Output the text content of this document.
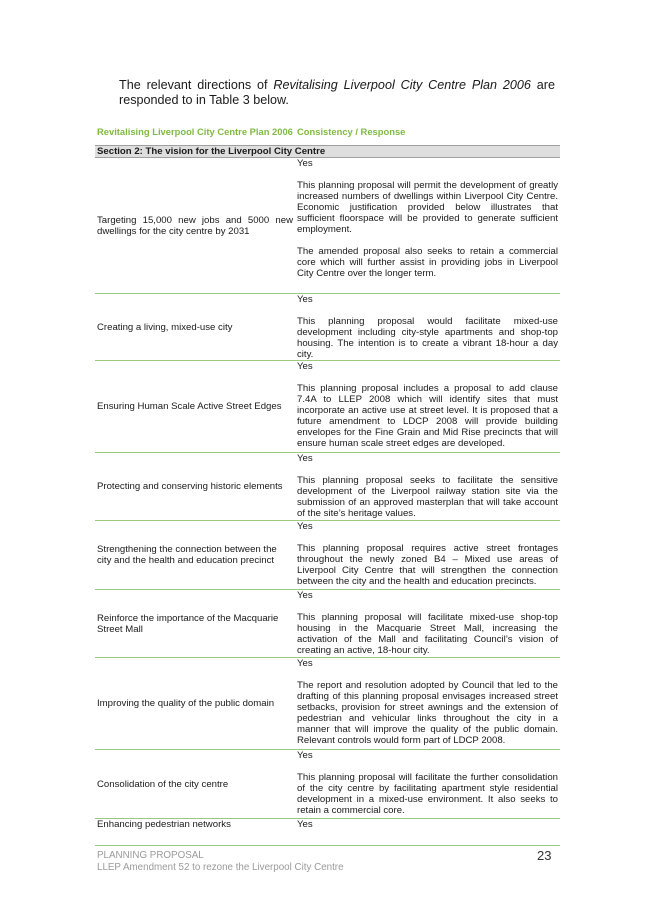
The relevant directions of Revitalising Liverpool City Centre Plan 2006 are responded to in Table 3 below.

Revitalising Liverpool City Centre Plan 2006	Consistency / Response
Section 2: The vision for the Liverpool City Centre	
Targeting 15,000 new jobs and 5000 new dwellings for the city centre by 2031	Yes
This planning proposal will permit the development of greatly increased numbers of dwellings within Liverpool City Centre. Economic justification provided below illustrates that sufficient floorspace will be provided to generate sufficient employment.
The amended proposal also seeks to retain a commercial core which will further assist in providing jobs in Liverpool City Centre over the longer term.

Creating a living, mixed-use city	Yes
This planning proposal would facilitate mixed-use development including city-style apartments and shop-top housing. The intention is to create a vibrant 18-hour a day city.

Ensuring Human Scale Active Street Edges	Yes
This planning proposal includes a proposal to add clause 7.4A to LLEP 2008 which will identify sites that must incorporate an active use at street level. It is proposed that a future amendment to LDCP 2008 will provide building envelopes for the Fine Grain and Mid Rise precincts that will ensure human scale street edges are developed.

Protecting and conserving historic elements	Yes
This planning proposal seeks to facilitate the sensitive development of the Liverpool railway station site via the submission of an approved masterplan that will take account of the site’s heritage values.

Strengthening the connection between the city and the health and education precinct	Yes
This planning proposal requires active street frontages throughout the newly zoned B4 – Mixed use areas of Liverpool City Centre that will strengthen the connection between the city and the health and education precincts.

Reinforce the importance of the Macquarie Street Mall	Yes
This planning proposal will facilitate mixed-use shop-top housing in the Macquarie Street Mall, increasing the activation of the Mall and facilitating Council’s vision of creating an active, 18-hour city.

Improving the quality of the public domain	Yes
The report and resolution adopted by Council that led to the drafting of this planning proposal envisages increased street setbacks, provision for street awnings and the extension of pedestrian and vehicular links throughout the city in a manner that will improve the quality of the public domain. Relevant controls would form part of LDCP 2008.

Consolidation of the city centre	Yes
This planning proposal will facilitate the further consolidation of the city centre by facilitating apartment style residential development in a mixed-use environment. It also seeks to retain a commercial core.

Enhancing pedestrian networks	Yes
PLANNING PROPOSAL
LLEP Amendment 52 to rezone the Liverpool City Centre
23
